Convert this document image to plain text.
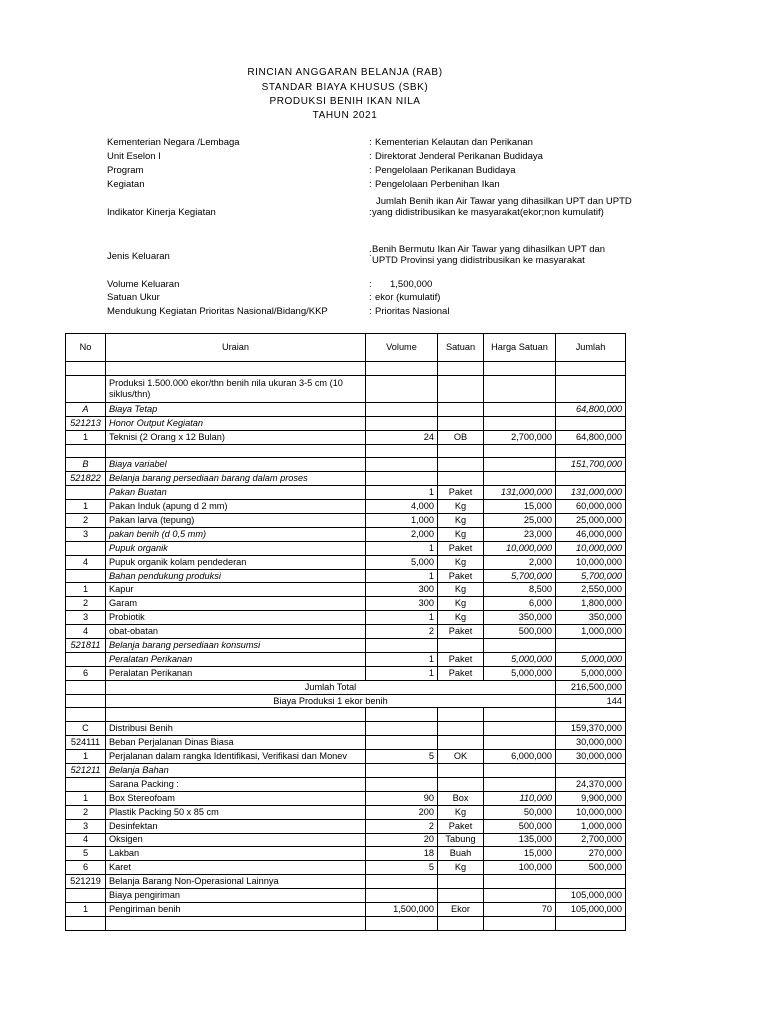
RINCIAN ANGGARAN BELANJA (RAB)
STANDAR BIAYA KHUSUS (SBK)
PRODUKSI BENIH IKAN NILA
TAHUN 2021
Kementerian Negara /Lembaga	: Kementerian Kelautan dan Perikanan
Unit Eselon I	: Direktorat Jenderal Perikanan Budidaya
Program	: Pengelolaan Perikanan Budidaya
Kegiatan	: Pengelolaan Perbenihan Ikan
Indikator Kinerja Kegiatan	:
Jumlah Benih ikan Air Tawar yang dihasilkan UPT dan UPTD yang didistribusikan ke masyarakat(ekor;non kumulatif)
Jenis Keluaran	: Benih Bermutu Ikan Air Tawar yang dihasilkan UPT dan UPTD Provinsi yang didistribusikan ke masyarakat
Volume Keluaran	: 1,500,000
Satuan Ukur	: ekor (kumulatif)
Mendukung Kegiatan Prioritas Nasional/Bidang/KKP	: Prioritas Nasional
No	Uraian	Volume	Satuan	Harga Satuan	Jumlah

	Produksi 1.500.000 ekor/thn benih nila ukuran 3-5 cm (10 siklus/thn)				
A	Biaya Tetap				64,800,000
521213	Honor Output Kegiatan				
1	Teknisi (2 Orang x 12 Bulan)	24	OB	2,700,000	64,800,000

B	Biaya variabel				151,700,000
521822	Belanja barang persediaan barang dalam proses				
	Pakan Buatan	1	Paket	131,000,000	131,000,000
1	Pakan Induk (apung d 2 mm)	4,000	Kg	15,000	60,000,000
2	Pakan larva (tepung)	1,000	Kg	25,000	25,000,000
3	pakan benih (d 0,5 mm)	2,000	Kg	23,000	46,000,000
	Pupuk organik	1	Paket	10,000,000	10,000,000
4	Pupuk organik kolam pendederan	5,000	Kg	2,000	10,000,000
	Bahan pendukung produksi	1	Paket	5,700,000	5,700,000
1	Kapur	300	Kg	8,500	2,550,000
2	Garam	300	Kg	6,000	1,800,000
3	Probiotik	1	Kg	350,000	350,000
4	obat-obatan	2	Paket	500,000	1,000,000
521811	Belanja barang persediaan konsumsi				
	Peralatan Perikanan	1	Paket	5,000,000	5,000,000
6	Peralatan Perikanan	1	Paket	5,000,000	5,000,000
	Jumlah Total				216,500,000
	Biaya Produksi 1 ekor benih				144

C	Distribusi Benih				159,370,000
524111	Beban Perjalanan Dinas Biasa				30,000,000
1	Perjalanan dalam rangka Identifikasi, Verifikasi dan Monev	5	OK	6,000,000	30,000,000
521211	Belanja Bahan				
	Sarana Packing :				24,370,000
1	Box Stereofoam	90	Box	110,000	9,900,000
2	Plastik Packing 50 x 85 cm	200	Kg	50,000	10,000,000
3	Desinfektan	2	Paket	500,000	1,000,000
4	Oksigen	20	Tabung	135,000	2,700,000
5	Lakban	18	Buah	15,000	270,000
6	Karet	5	Kg	100,000	500,000
521219	Belanja Barang Non-Operasional Lainnya				
	Biaya pengiriman				105,000,000
1	Pengiriman benih	1,500,000	Ekor	70	105,000,000
